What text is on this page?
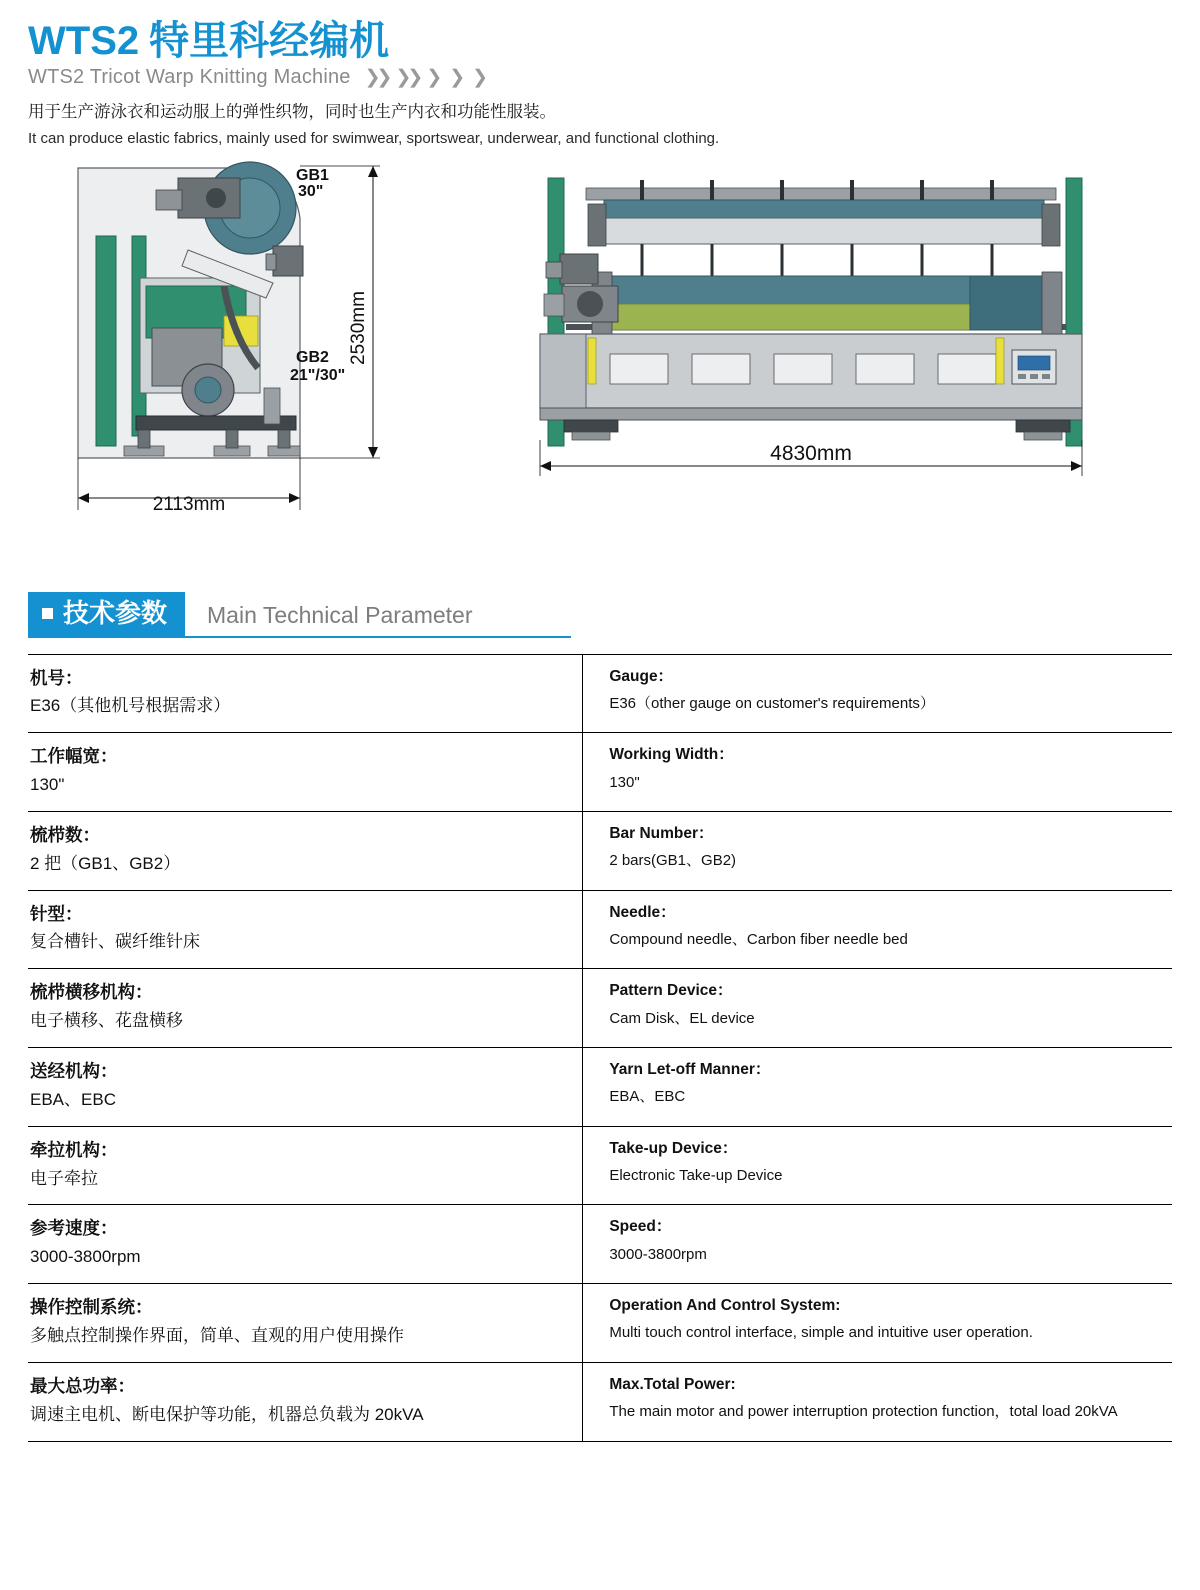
WTS2 特里科经编机
WTS2 Tricot Warp Knitting Machine ❯❯ ❯❯ ❯ ❯ ❯

用于生产游泳衣和运动服上的弹性织物，同时也生产内衣和功能性服装。

It can produce elastic fabrics, mainly used for swimwear, sportswear, underwear, and functional clothing.

2530mm
2113mm
GB1
30"
GB2
21"/30"
4830mm
技术参数 Main Technical Parameter
机号：
E36（其他机号根据需求）

Gauge：
E36（other gauge on customer's requirements）

工作幅宽：
130"

Working Width：
130"

梳栉数：
2 把（GB1、GB2）

Bar Number：
2 bars(GB1、GB2)

针型：
复合槽针、碳纤维针床

Needle：
Compound needle、Carbon fiber needle bed

梳栉横移机构：
电子横移、花盘横移

Pattern Device：
Cam Disk、EL device

送经机构：
EBA、EBC

Yarn Let-off Manner：
EBA、EBC

牵拉机构：
电子牵拉

Take-up Device：
Electronic Take-up Device

参考速度：
3000-3800rpm

Speed：
3000-3800rpm

操作控制系统：
多触点控制操作界面，简单、直观的用户使用操作

Operation And Control System:
Multi touch control interface, simple and intuitive user operation.

最大总功率：
调速主电机、断电保护等功能，机器总负载为 20kVA

Max.Total Power:
The main motor and power interruption protection function，total load 20kVA
